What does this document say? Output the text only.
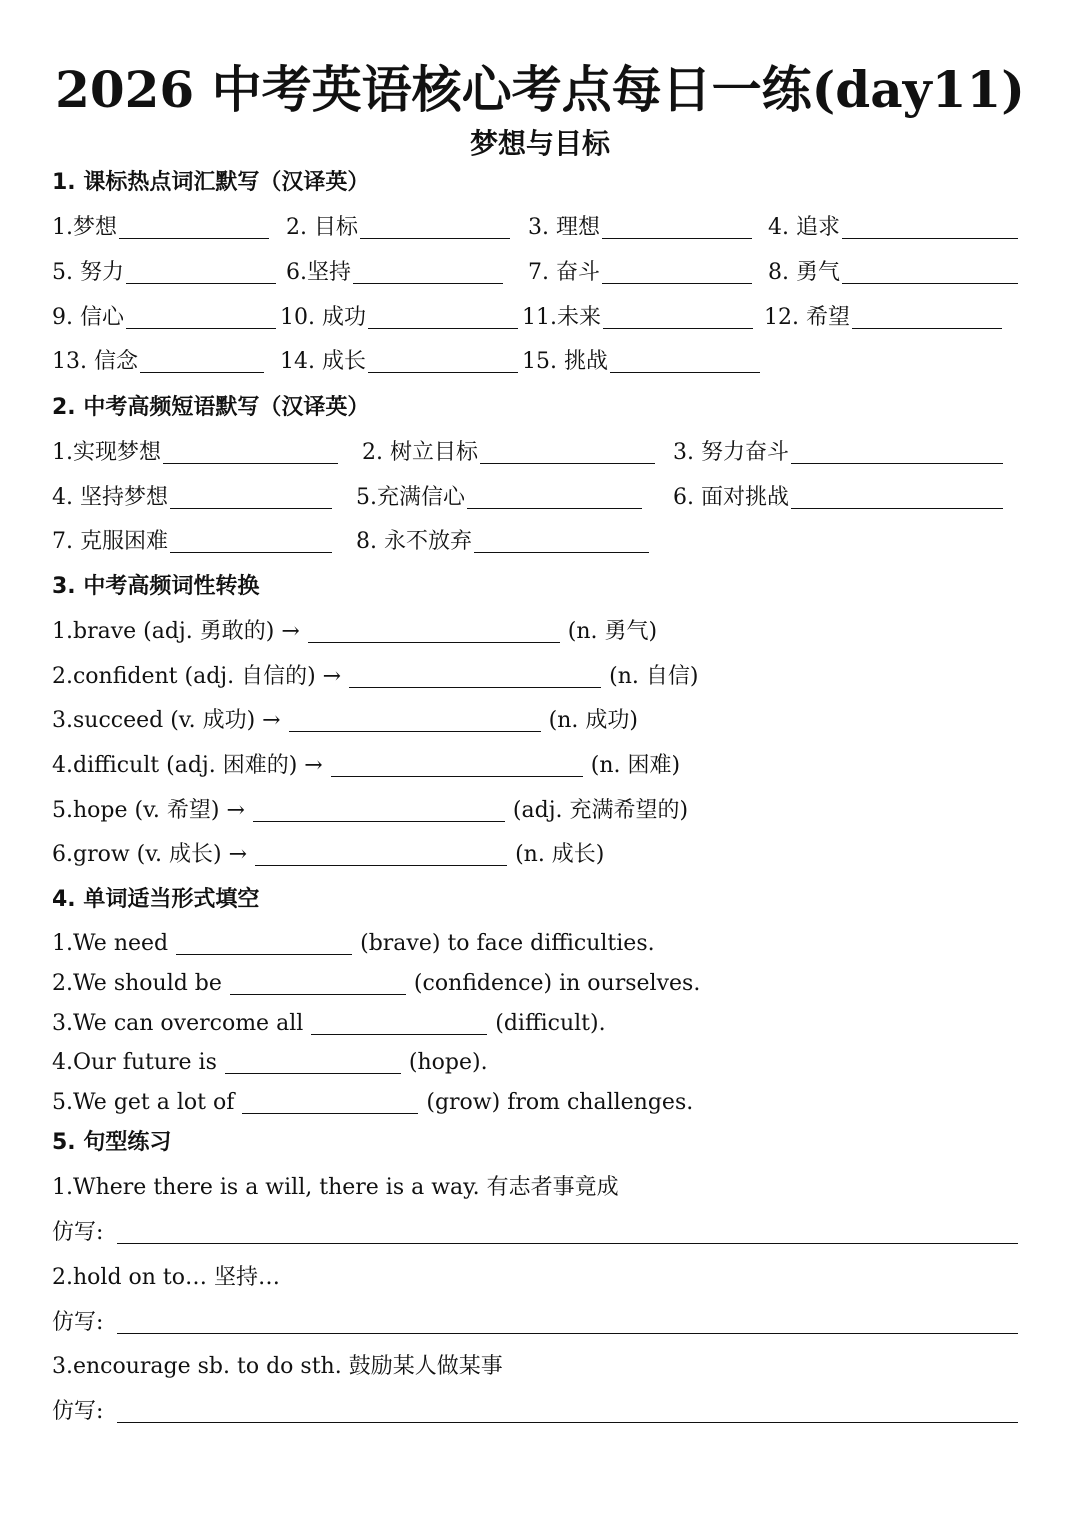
2026 中考英语核心考点每日一练(day11)
梦想与目标
1. 课标热点词汇默写（汉译英）
1.梦想	2. 目标	3. 理想	4. 追求
5. 努力	6.坚持	7. 奋斗	8. 勇气
9. 信心	10. 成功	11.未来	12. 希望
13. 信念	14. 成长	15. 挑战
2. 中考高频短语默写（汉译英）
1.实现梦想	2. 树立目标	3. 努力奋斗
4. 坚持梦想	5.充满信心	6. 面对挑战
7. 克服困难	8. 永不放弃
3. 中考高频词性转换
1.brave (adj. 勇敢的) →	(n. 勇气)
2.confident (adj. 自信的) →	(n. 自信)
3.succeed (v. 成功) →	(n. 成功)
4.difficult (adj. 困难的) →	(n. 困难)
5.hope (v. 希望) →	(adj. 充满希望的)
6.grow (v. 成长) →	(n. 成长)
4. 单词适当形式填空
1.We need	(brave) to face difficulties.
2.We should be	(confidence) in ourselves.
3.We can overcome all	(difficult).
4.Our future is	(hope).
5.We get a lot of	(grow) from challenges.
5. 句型练习
1.Where there is a will, there is a way. 有志者事竟成
仿写:
2.hold on to… 坚持…
仿写:
3.encourage sb. to do sth. 鼓励某人做某事
仿写:
